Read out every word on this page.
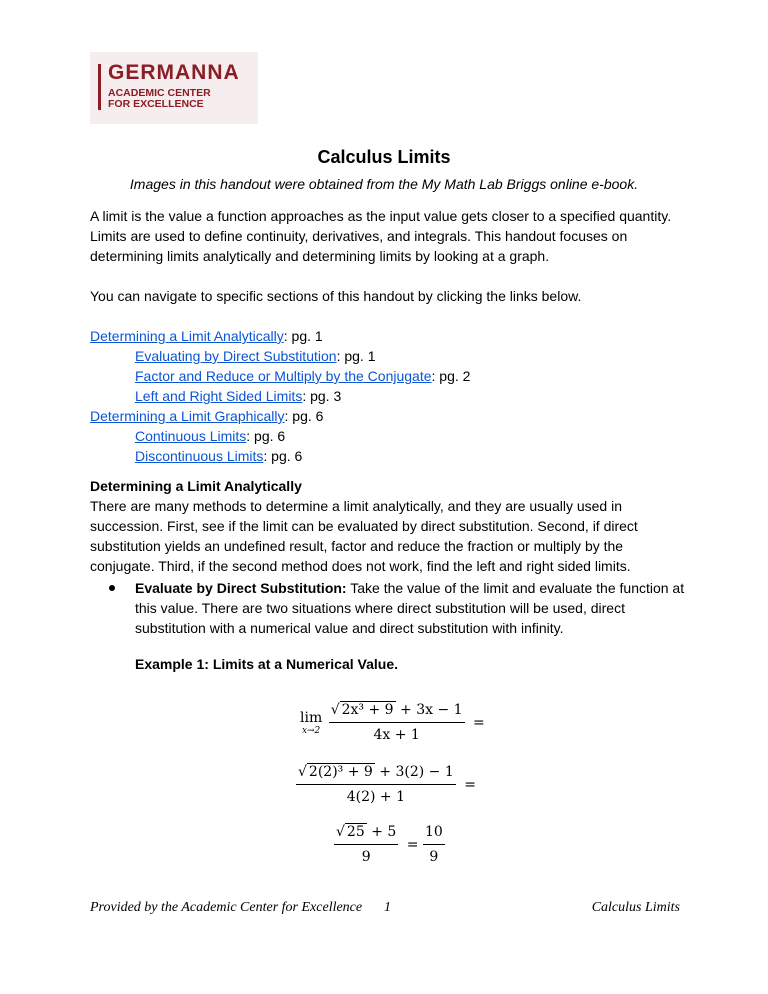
GERMANNA
ACADEMIC CENTER
FOR EXCELLENCE
Calculus Limits
Images in this handout were obtained from the My Math Lab Briggs online e-book.
A limit is the value a function approaches as the input value gets closer to a specified quantity. Limits are used to define continuity, derivatives, and integrals. This handout focuses on determining limits analytically and determining limits by looking at a graph.
You can navigate to specific sections of this handout by clicking the links below.
Determining a Limit Analytically: pg. 1
Evaluating by Direct Substitution: pg. 1
Factor and Reduce or Multiply by the Conjugate: pg. 2
Left and Right Sided Limits: pg. 3
Determining a Limit Graphically: pg. 6
Continuous Limits: pg. 6
Discontinuous Limits: pg. 6
Determining a Limit Analytically
There are many methods to determine a limit analytically, and they are usually used in succession. First, see if the limit can be evaluated by direct substitution. Second, if direct substitution yields an undefined result, factor and reduce the fraction or multiply by the conjugate. Third, if the second method does not work, find the left and right sided limits.
Evaluate by Direct Substitution: Take the value of the limit and evaluate the function at this value. There are two situations where direct substitution will be used, direct substitution with a numerical value and direct substitution with infinity.
Example 1: Limits at a Numerical Value.
lim
x→2
$\frac{\text{√ 2x³ + 9 + 3x − 1}}{4x + 1}$ =
$\frac{\text{√ 2(2)³ + 9 + 3(2) − 1}}{4(2) + 1}$ =
$\frac{√ 25 + 5}{9} = \frac{10}{9}$
Provided by the Academic Center for Excellence 1	Calculus Limits
